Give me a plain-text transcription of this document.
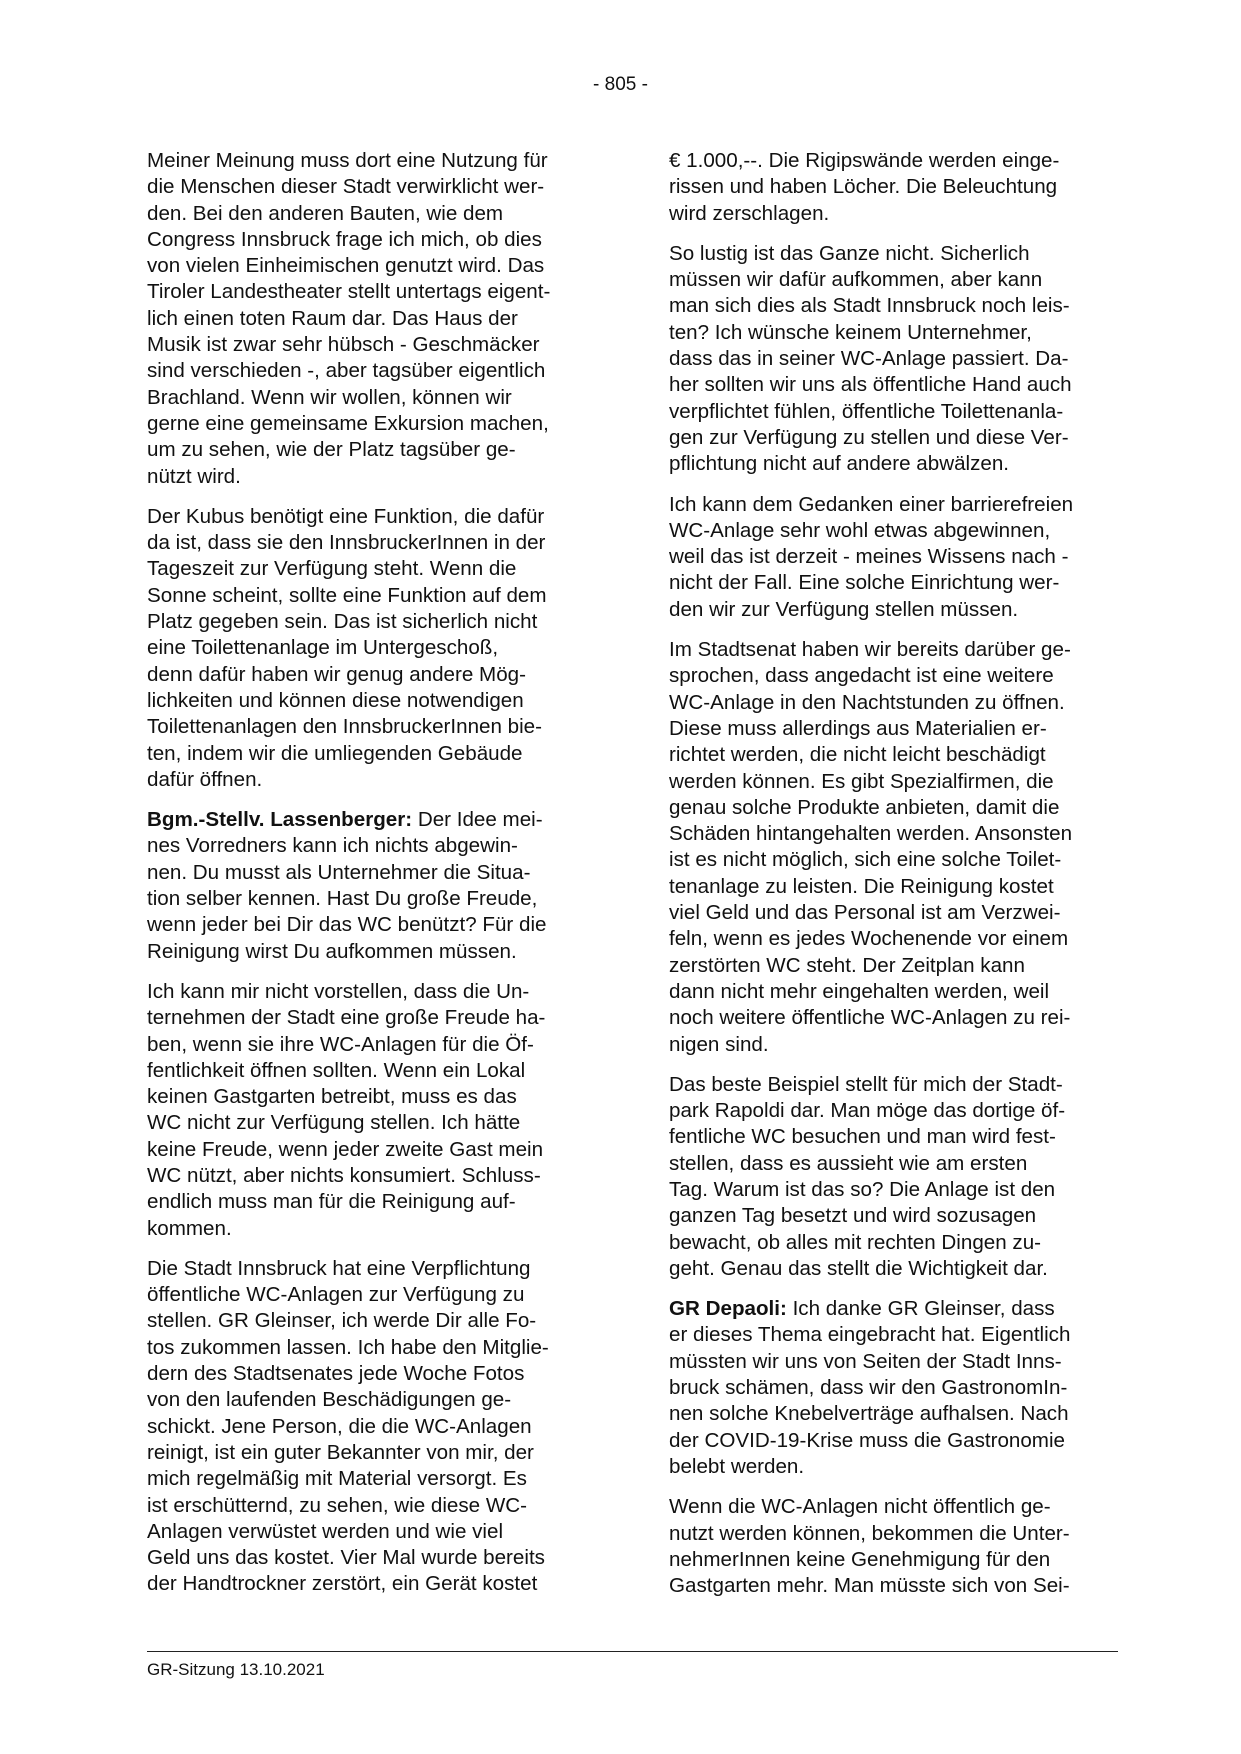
- 805 -

Meiner Meinung muss dort eine Nutzung für
die Menschen dieser Stadt verwirklicht wer-
den. Bei den anderen Bauten, wie dem
Congress Innsbruck frage ich mich, ob dies
von vielen Einheimischen genutzt wird. Das
Tiroler Landestheater stellt untertags eigent-
lich einen toten Raum dar. Das Haus der
Musik ist zwar sehr hübsch - Geschmäcker
sind verschieden -, aber tagsüber eigentlich
Brachland. Wenn wir wollen, können wir
gerne eine gemeinsame Exkursion machen,
um zu sehen, wie der Platz tagsüber ge-
nützt wird.

Der Kubus benötigt eine Funktion, die dafür
da ist, dass sie den InnsbruckerInnen in der
Tageszeit zur Verfügung steht. Wenn die
Sonne scheint, sollte eine Funktion auf dem
Platz gegeben sein. Das ist sicherlich nicht
eine Toilettenanlage im Untergeschoß,
denn dafür haben wir genug andere Mög-
lichkeiten und können diese notwendigen
Toilettenanlagen den InnsbruckerInnen bie-
ten, indem wir die umliegenden Gebäude
dafür öffnen.

Bgm.-Stellv. Lassenberger: Der Idee mei-
nes Vorredners kann ich nichts abgewin-
nen. Du musst als Unternehmer die Situa-
tion selber kennen. Hast Du große Freude,
wenn jeder bei Dir das WC benützt? Für die
Reinigung wirst Du aufkommen müssen.

Ich kann mir nicht vorstellen, dass die Un-
ternehmen der Stadt eine große Freude ha-
ben, wenn sie ihre WC-Anlagen für die Öf-
fentlichkeit öffnen sollten. Wenn ein Lokal
keinen Gastgarten betreibt, muss es das
WC nicht zur Verfügung stellen. Ich hätte
keine Freude, wenn jeder zweite Gast mein
WC nützt, aber nichts konsumiert. Schluss-
endlich muss man für die Reinigung auf-
kommen.

Die Stadt Innsbruck hat eine Verpflichtung
öffentliche WC-Anlagen zur Verfügung zu
stellen. GR Gleinser, ich werde Dir alle Fo-
tos zukommen lassen. Ich habe den Mitglie-
dern des Stadtsenates jede Woche Fotos
von den laufenden Beschädigungen ge-
schickt. Jene Person, die die WC-Anlagen
reinigt, ist ein guter Bekannter von mir, der
mich regelmäßig mit Material versorgt. Es
ist erschütternd, zu sehen, wie diese WC-
Anlagen verwüstet werden und wie viel
Geld uns das kostet. Vier Mal wurde bereits
der Handtrockner zerstört, ein Gerät kostet

€ 1.000,--. Die Rigipswände werden einge-
rissen und haben Löcher. Die Beleuchtung
wird zerschlagen.

So lustig ist das Ganze nicht. Sicherlich
müssen wir dafür aufkommen, aber kann
man sich dies als Stadt Innsbruck noch leis-
ten? Ich wünsche keinem Unternehmer,
dass das in seiner WC-Anlage passiert. Da-
her sollten wir uns als öffentliche Hand auch
verpflichtet fühlen, öffentliche Toilettenanla-
gen zur Verfügung zu stellen und diese Ver-
pflichtung nicht auf andere abwälzen.

Ich kann dem Gedanken einer barrierefreien
WC-Anlage sehr wohl etwas abgewinnen,
weil das ist derzeit - meines Wissens nach -
nicht der Fall. Eine solche Einrichtung wer-
den wir zur Verfügung stellen müssen.

Im Stadtsenat haben wir bereits darüber ge-
sprochen, dass angedacht ist eine weitere
WC-Anlage in den Nachtstunden zu öffnen.
Diese muss allerdings aus Materialien er-
richtet werden, die nicht leicht beschädigt
werden können. Es gibt Spezialfirmen, die
genau solche Produkte anbieten, damit die
Schäden hintangehalten werden. Ansonsten
ist es nicht möglich, sich eine solche Toilet-
tenanlage zu leisten. Die Reinigung kostet
viel Geld und das Personal ist am Verzwei-
feln, wenn es jedes Wochenende vor einem
zerstörten WC steht. Der Zeitplan kann
dann nicht mehr eingehalten werden, weil
noch weitere öffentliche WC-Anlagen zu rei-
nigen sind.

Das beste Beispiel stellt für mich der Stadt-
park Rapoldi dar. Man möge das dortige öf-
fentliche WC besuchen und man wird fest-
stellen, dass es aussieht wie am ersten
Tag. Warum ist das so? Die Anlage ist den
ganzen Tag besetzt und wird sozusagen
bewacht, ob alles mit rechten Dingen zu-
geht. Genau das stellt die Wichtigkeit dar.

GR Depaoli: Ich danke GR Gleinser, dass
er dieses Thema eingebracht hat. Eigentlich
müssten wir uns von Seiten der Stadt Inns-
bruck schämen, dass wir den GastronomIn-
nen solche Knebelverträge aufhalsen. Nach
der COVID-19-Krise muss die Gastronomie
belebt werden.

Wenn die WC-Anlagen nicht öffentlich ge-
nutzt werden können, bekommen die Unter-
nehmerInnen keine Genehmigung für den
Gastgarten mehr. Man müsste sich von Sei-

GR-Sitzung 13.10.2021
